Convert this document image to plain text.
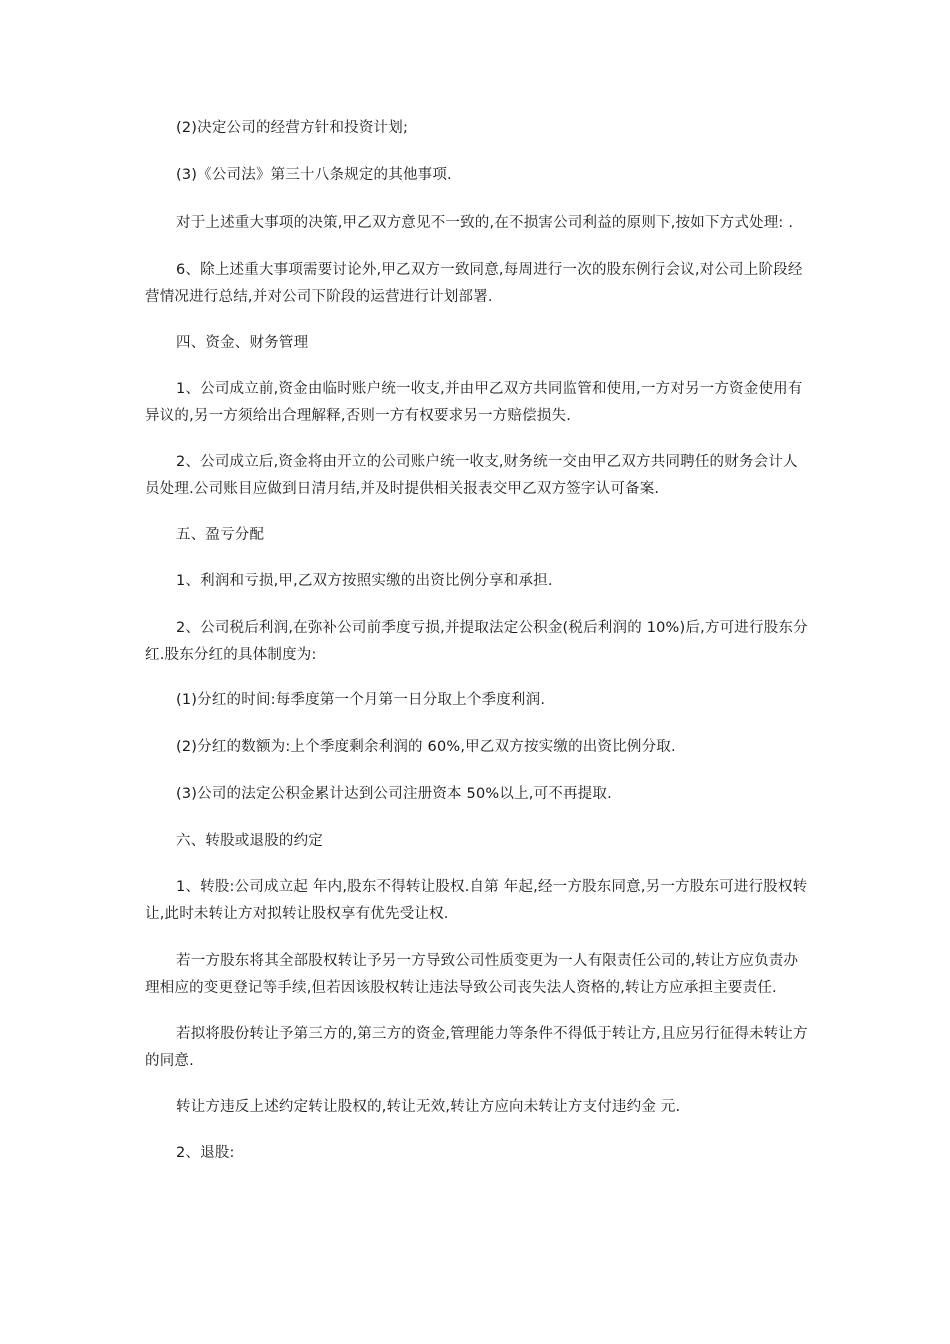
(2)决定公司的经营方针和投资计划;

(3)《公司法》第三十八条规定的其他事项.

对于上述重大事项的决策,甲乙双方意见不一致的,在不损害公司利益的原则下,按如下方式处理: .

6、除上述重大事项需要讨论外,甲乙双方一致同意,每周进行一次的股东例行会议,对公司上阶段经营情况进行总结,并对公司下阶段的运营进行计划部署.

四、资金、财务管理

1、公司成立前,资金由临时账户统一收支,并由甲乙双方共同监管和使用,一方对另一方资金使用有异议的,另一方须给出合理解释,否则一方有权要求另一方赔偿损失.

2、公司成立后,资金将由开立的公司账户统一收支,财务统一交由甲乙双方共同聘任的财务会计人员处理.公司账目应做到日清月结,并及时提供相关报表交甲乙双方签字认可备案.

五、盈亏分配

1、利润和亏损,甲,乙双方按照实缴的出资比例分享和承担.

2、公司税后利润,在弥补公司前季度亏损,并提取法定公积金(税后利润的 10%)后,方可进行股东分红.股东分红的具体制度为:

(1)分红的时间:每季度第一个月第一日分取上个季度利润.

(2)分红的数额为:上个季度剩余利润的 60%,甲乙双方按实缴的出资比例分取.

(3)公司的法定公积金累计达到公司注册资本 50%以上,可不再提取.

六、转股或退股的约定

1、转股:公司成立起 年内,股东不得转让股权.自第 年起,经一方股东同意,另一方股东可进行股权转让,此时未转让方对拟转让股权享有优先受让权.

若一方股东将其全部股权转让予另一方导致公司性质变更为一人有限责任公司的,转让方应负责办理相应的变更登记等手续,但若因该股权转让违法导致公司丧失法人资格的,转让方应承担主要责任.

若拟将股份转让予第三方的,第三方的资金,管理能力等条件不得低于转让方,且应另行征得未转让方的同意.

转让方违反上述约定转让股权的,转让无效,转让方应向未转让方支付违约金 元.

2、退股:
